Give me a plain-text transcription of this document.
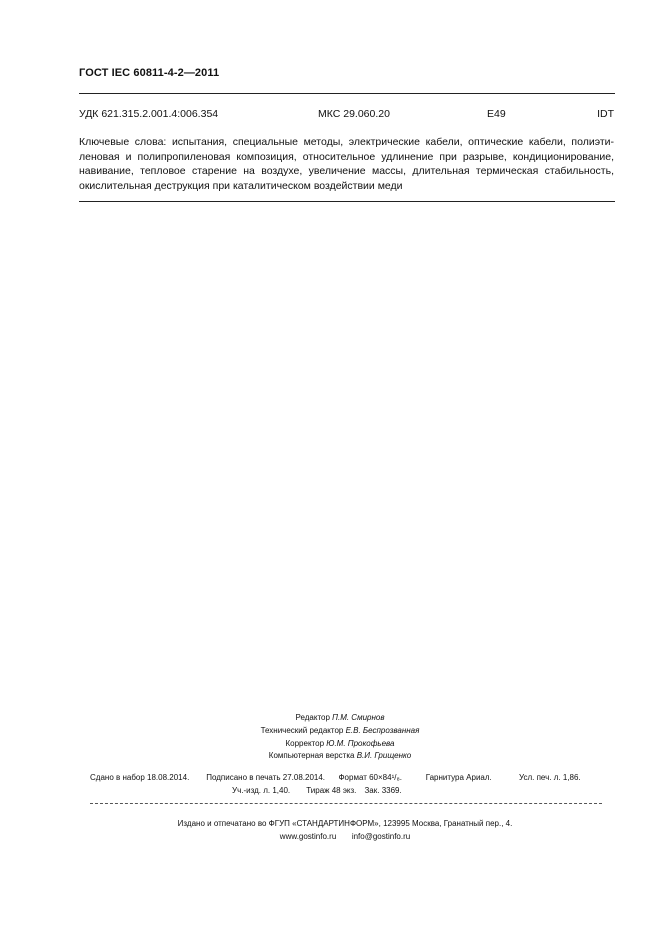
ГОСТ IEC 60811-4-2—2011
УДК 621.315.2.001.4:006.354	МКС 29.060.20	Е49	IDT
Ключевые слова: испытания, специальные методы, электрические кабели, оптические кабели, полиэти-
леновая и полипропиленовая композиция, относительное удлинение при разрыве, кондиционирование,
навивание, тепловое старение на воздухе, увеличение массы, длительная термическая стабильность,
окислительная деструкция при каталитическом воздействии меди
Редактор П.М. Смирнов
Технический редактор Е.В. Беспрозванная
Корректор Ю.М. Прокофьева
Компьютерная верстка В.И. Грищенко
Сдано в набор 18.08.2014. Подписано в печать 27.08.2014. Формат 60×84¹/₈.	Гарнитура Ариал.	Усл. печ. л. 1,86.
Уч.-изд. л. 1,40. Тираж 48 экз. Зак. 3369.
Издано и отпечатано во ФГУП «СТАНДАРТИНФОРМ», 123995 Москва, Гранатный пер., 4.
www.gostinfo.ru info@gostinfo.ru
